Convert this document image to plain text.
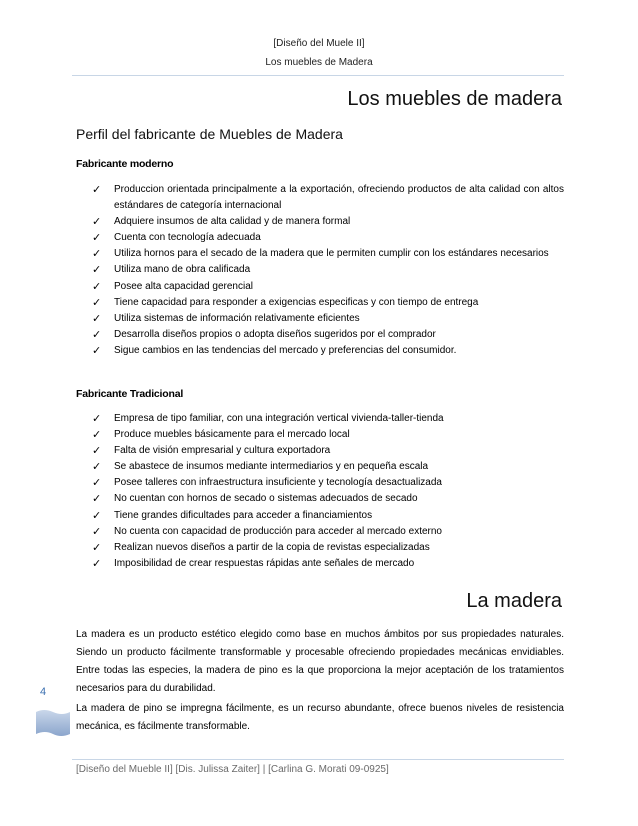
[Diseño del Muele II]
Los muebles de Madera
Los muebles de madera
Perfil del fabricante de Muebles de Madera
Fabricante moderno
✓ Produccion orientada principalmente a la exportación, ofreciendo productos de alta calidad con altos estándares de categoría internacional
✓ Adquiere insumos de alta calidad y de manera formal
✓ Cuenta con tecnología adecuada
✓ Utiliza hornos para el secado de la madera que le permiten cumplir con los estándares necesarios
✓ Utiliza mano de obra calificada
✓ Posee alta capacidad gerencial
✓ Tiene capacidad para responder a exigencias especificas y con tiempo de entrega
✓ Utiliza sistemas de información relativamente eficientes
✓ Desarrolla diseños propios o adopta diseños sugeridos por el comprador
✓ Sigue cambios en las tendencias del mercado y preferencias del consumidor.
Fabricante Tradicional
✓ Empresa de tipo familiar, con una integración vertical vivienda-taller-tienda
✓ Produce muebles básicamente para el mercado local
✓ Falta de visión empresarial y cultura exportadora
✓ Se abastece de insumos mediante intermediarios y en pequeña escala
✓ Posee talleres con infraestructura insuficiente y tecnología desactualizada
✓ No cuentan con hornos de secado o sistemas adecuados de secado
✓ Tiene grandes dificultades para acceder a financiamientos
✓ No cuenta con capacidad de producción para acceder al mercado externo
✓ Realizan nuevos diseños a partir de la copia de revistas especializadas
✓ Imposibilidad de crear respuestas rápidas ante señales de mercado
La madera

La madera es un producto estético elegido como base en muchos ámbitos por sus propiedades naturales. Siendo un producto fácilmente transformable y procesable ofreciendo propiedades mecánicas envidiables. Entre todas las especies, la madera de pino es la que proporciona la mejor aceptación de los tratamientos necesarios para du durabilidad.

La madera de pino se impregna fácilmente, es un recurso abundante, ofrece buenos niveles de resistencia mecánica, es fácilmente transformable.

4
[Diseño del Mueble II] [Dis. Julissa Zaiter] | [Carlina G. Morati 09-0925]
